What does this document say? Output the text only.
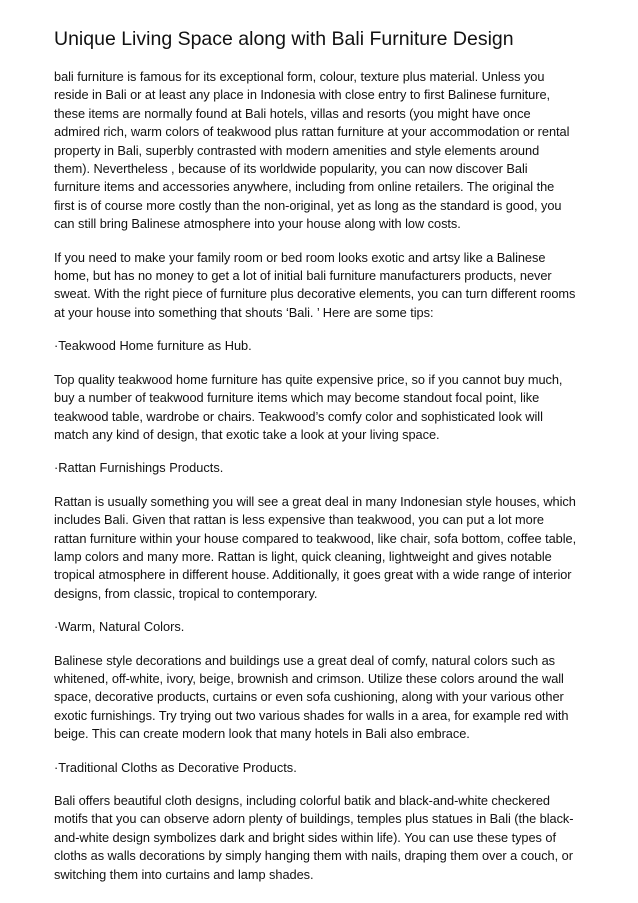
Unique Living Space along with Bali Furniture Design

bali furniture is famous for its exceptional form, colour, texture plus material. Unless you
reside in Bali or at least any place in Indonesia with close entry to first Balinese furniture,
these items are normally found at Bali hotels, villas and resorts (you might have once
admired rich, warm colors of teakwood plus rattan furniture at your accommodation or rental
property in Bali, superbly contrasted with modern amenities and style elements around
them). Nevertheless , because of its worldwide popularity, you can now discover Bali
furniture items and accessories anywhere, including from online retailers. The original the
first is of course more costly than the non-original, yet as long as the standard is good, you
can still bring Balinese atmosphere into your house along with low costs.

If you need to make your family room or bed room looks exotic and artsy like a Balinese
home, but has no money to get a lot of initial bali furniture manufacturers products, never
sweat. With the right piece of furniture plus decorative elements, you can turn different rooms
at your house into something that shouts ‘Bali. ’ Here are some tips:

·Teakwood Home furniture as Hub.

Top quality teakwood home furniture has quite expensive price, so if you cannot buy much,
buy a number of teakwood furniture items which may become standout focal point, like
teakwood table, wardrobe or chairs. Teakwood’s comfy color and sophisticated look will
match any kind of design, that exotic take a look at your living space.

·Rattan Furnishings Products.

Rattan is usually something you will see a great deal in many Indonesian style houses, which
includes Bali. Given that rattan is less expensive than teakwood, you can put a lot more
rattan furniture within your house compared to teakwood, like chair, sofa bottom, coffee table,
lamp colors and many more. Rattan is light, quick cleaning, lightweight and gives notable
tropical atmosphere in different house. Additionally, it goes great with a wide range of interior
designs, from classic, tropical to contemporary.

·Warm, Natural Colors.

Balinese style decorations and buildings use a great deal of comfy, natural colors such as
whitened, off-white, ivory, beige, brownish and crimson. Utilize these colors around the wall
space, decorative products, curtains or even sofa cushioning, along with your various other
exotic furnishings. Try trying out two various shades for walls in a area, for example red with
beige. This can create modern look that many hotels in Bali also embrace.

·Traditional Cloths as Decorative Products.

Bali offers beautiful cloth designs, including colorful batik and black-and-white checkered
motifs that you can observe adorn plenty of buildings, temples plus statues in Bali (the black-
and-white design symbolizes dark and bright sides within life). You can use these types of
cloths as walls decorations by simply hanging them with nails, draping them over a couch, or
switching them into curtains and lamp shades.
